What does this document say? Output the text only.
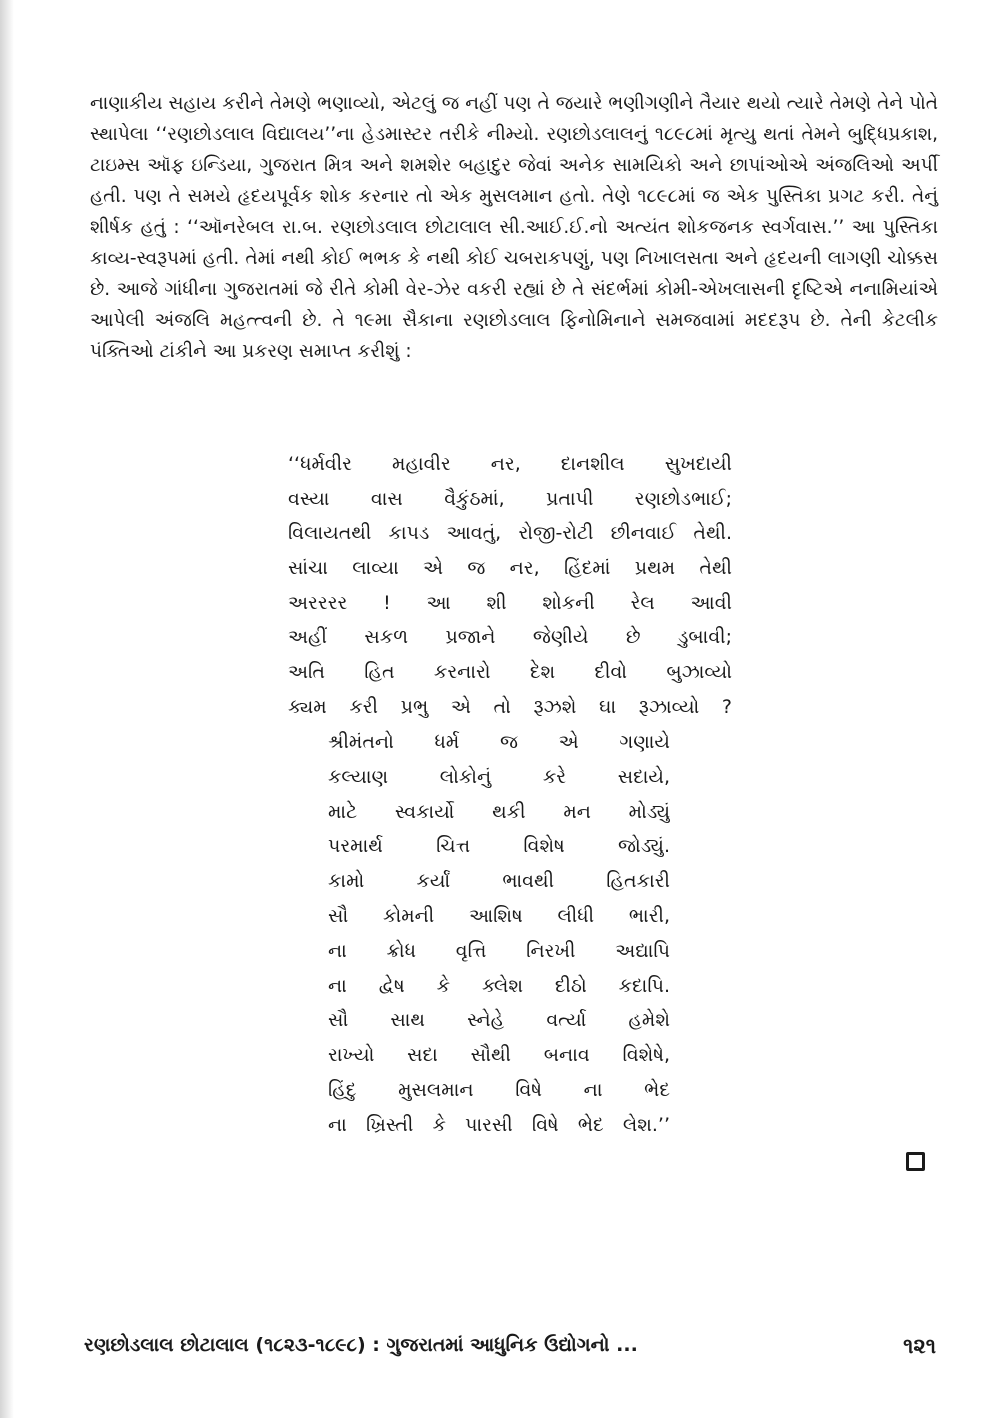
નાણાકીય સહાય કરીને તેમણે ભણાવ્યો, એટલું જ નહીં પણ તે જયારે ભણીગણીને તૈયાર થયો ત્યારે તેમણે તેને પોતે સ્થાપેલા ‘‘રણછોડલાલ વિદ્યાલય’’ના હેડમાસ્ટર તરીકે નીમ્યો. રણછોડલાલનું ૧૮૯૮માં મૃત્યુ થતાં તેમને બુદ્ધિપ્રકાશ, ટાઇમ્સ ઑફ ઇન્ડિયા, ગુજરાત મિત્ર અને શમશેર બહાદુર જેવાં અનેક સામયિકો અને છાપાંઓએ અંજલિઓ અર્પી હતી. પણ તે સમયે હૃદયપૂર્વક શોક કરનાર તો એક મુસલમાન હતો. તેણે ૧૮૯૮માં જ એક પુસ્તિકા પ્રગટ કરી. તેનું શીર્ષક હતું : ‘‘ઑનરેબલ રા.બ. રણછોડલાલ છોટાલાલ સી.આઈ.ઈ.નો અત્યંત શોકજનક સ્વર્ગવાસ.’’ આ પુસ્તિકા કાવ્ય-સ્વરૂપમાં હતી. તેમાં નથી કોઈ ભભક કે નથી કોઈ ચબરાકપણું, પણ નિખાલસતા અને હૃદયની લાગણી ચોક્કસ છે. આજે ગાંધીના ગુજરાતમાં જે રીતે કોમી વેર-ઝેર વકરી રહ્યાં છે તે સંદર્ભમાં કોમી-એખલાસની દૃષ્ટિએ નનામિયાંએ આપેલી અંજલિ મહત્ત્વની છે. તે ૧૯મા સૈકાના રણછોડલાલ ફિનોમિનાને સમજવામાં મદદરૂપ છે. તેની કેટલીક પંક્તિઓ ટાંકીને આ પ્રકરણ સમાપ્ત કરીશું :

‘‘ધર્મવીર મહાવીર નર, દાનશીલ સુખદાયી
વસ્યા વાસ વૈકુંઠમાં, પ્રતાપી રણછોડભાઈ;
વિલાયતથી કાપડ આવતું, રોજી-રોટી છીનવાઈ તેથી.
સાંચા લાવ્યા એ જ નર, હિંદમાં પ્રથમ તેથી
અરરરર ! આ શી શોકની રેલ આવી
અહીં સકળ પ્રજાને જેણીયે છે ડુબાવી;
અતિ હિત કરનારો દેશ દીવો બુઝાવ્યો
ક્યમ કરી પ્રભુ એ તો રૂઝશે ઘા રૂઝાવ્યો ?
શ્રીમંતનો ધર્મ જ એ ગણાયે
કલ્યાણ લોકોનું કરે સદાયે,
માટે સ્વકાર્યો થકી મન મોડ્યું
પરમાર્થ ચિત્ત વિશેષ જોડ્યું.
કામો કર્યાં ભાવથી હિતકારી
સૌ કોમની આશિષ લીધી ભારી,
ના ક્રોધ વૃત્તિ નિરખી અદ્યાપિ
ના દ્વેષ કે ક્લેશ દીઠો કદાપિ.
સૌ સાથ સ્નેહે વર્ત્યા હમેશે
રાખ્યો સદા સૌથી બનાવ વિશેષે,
હિંદુ મુસલમાન વિષે ના ભેદ
ના ખ્રિસ્તી કે પારસી વિષે ભેદ લેશ.’’
રણછોડલાલ છોટાલાલ (૧૮૨૩-૧૮૯૮) : ગુજરાતમાં આધુનિક ઉદ્યોગનો ...	૧૨૧
